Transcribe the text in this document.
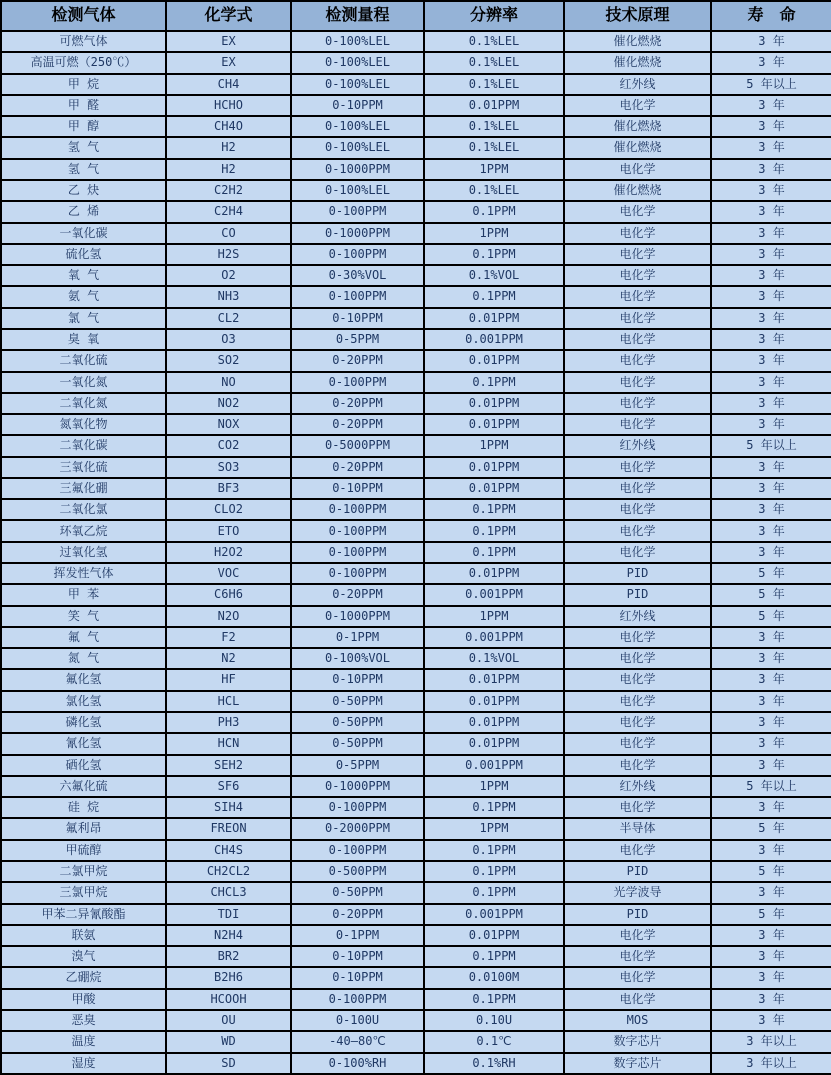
检测气体	化学式	检测量程	分辨率	技术原理	寿　命
可燃气体	EX	0-100%LEL	0.1%LEL	催化燃烧	3 年
高温可燃（250℃）	EX	0-100%LEL	0.1%LEL	催化燃烧	3 年
甲 烷	CH4	0-100%LEL	0.1%LEL	红外线	5 年以上
甲 醛	HCHO	0-10PPM	0.01PPM	电化学	3 年
甲 醇	CH4O	0-100%LEL	0.1%LEL	催化燃烧	3 年
氢 气	H2	0-100%LEL	0.1%LEL	催化燃烧	3 年
氢 气	H2	0-1000PPM	1PPM	电化学	3 年
乙 炔	C2H2	0-100%LEL	0.1%LEL	催化燃烧	3 年
乙 烯	C2H4	0-100PPM	0.1PPM	电化学	3 年
一氧化碳	CO	0-1000PPM	1PPM	电化学	3 年
硫化氢	H2S	0-100PPM	0.1PPM	电化学	3 年
氧 气	O2	0-30%VOL	0.1%VOL	电化学	3 年
氨 气	NH3	0-100PPM	0.1PPM	电化学	3 年
氯 气	CL2	0-10PPM	0.01PPM	电化学	3 年
臭 氧	O3	0-5PPM	0.001PPM	电化学	3 年
二氧化硫	SO2	0-20PPM	0.01PPM	电化学	3 年
一氧化氮	NO	0-100PPM	0.1PPM	电化学	3 年
二氧化氮	NO2	0-20PPM	0.01PPM	电化学	3 年
氮氧化物	NOX	0-20PPM	0.01PPM	电化学	3 年
二氧化碳	CO2	0-5000PPM	1PPM	红外线	5 年以上
三氧化硫	SO3	0-20PPM	0.01PPM	电化学	3 年
三氟化硼	BF3	0-10PPM	0.01PPM	电化学	3 年
二氧化氯	CLO2	0-100PPM	0.1PPM	电化学	3 年
环氧乙烷	ETO	0-100PPM	0.1PPM	电化学	3 年
过氧化氢	H2O2	0-100PPM	0.1PPM	电化学	3 年
挥发性气体	VOC	0-100PPM	0.01PPM	PID	5 年
甲 苯	C6H6	0-20PPM	0.001PPM	PID	5 年
笑 气	N2O	0-1000PPM	1PPM	红外线	5 年
氟 气	F2	0-1PPM	0.001PPM	电化学	3 年
氮 气	N2	0-100%VOL	0.1%VOL	电化学	3 年
氟化氢	HF	0-10PPM	0.01PPM	电化学	3 年
氯化氢	HCL	0-50PPM	0.01PPM	电化学	3 年
磷化氢	PH3	0-50PPM	0.01PPM	电化学	3 年
氰化氢	HCN	0-50PPM	0.01PPM	电化学	3 年
硒化氢	SEH2	0-5PPM	0.001PPM	电化学	3 年
六氟化硫	SF6	0-1000PPM	1PPM	红外线	5 年以上
硅 烷	SIH4	0-100PPM	0.1PPM	电化学	3 年
氟利昂	FREON	0-2000PPM	1PPM	半导体	5 年
甲硫醇	CH4S	0-100PPM	0.1PPM	电化学	3 年
二氯甲烷	CH2CL2	0-500PPM	0.1PPM	PID	5 年
三氯甲烷	CHCL3	0-50PPM	0.1PPM	光学波导	3 年
甲苯二异氰酸酯	TDI	0-20PPM	0.001PPM	PID	5 年
联氨	N2H4	0-1PPM	0.01PPM	电化学	3 年
溴气	BR2	0-10PPM	0.1PPM	电化学	3 年
乙硼烷	B2H6	0-10PPM	0.0100M	电化学	3 年
甲酸	HCOOH	0-100PPM	0.1PPM	电化学	3 年
恶臭	OU	0-100U	0.10U	MOS	3 年
温度	WD	-40—80℃	0.1℃	数字芯片	3 年以上
湿度	SD	0-100%RH	0.1%RH	数字芯片	3 年以上
